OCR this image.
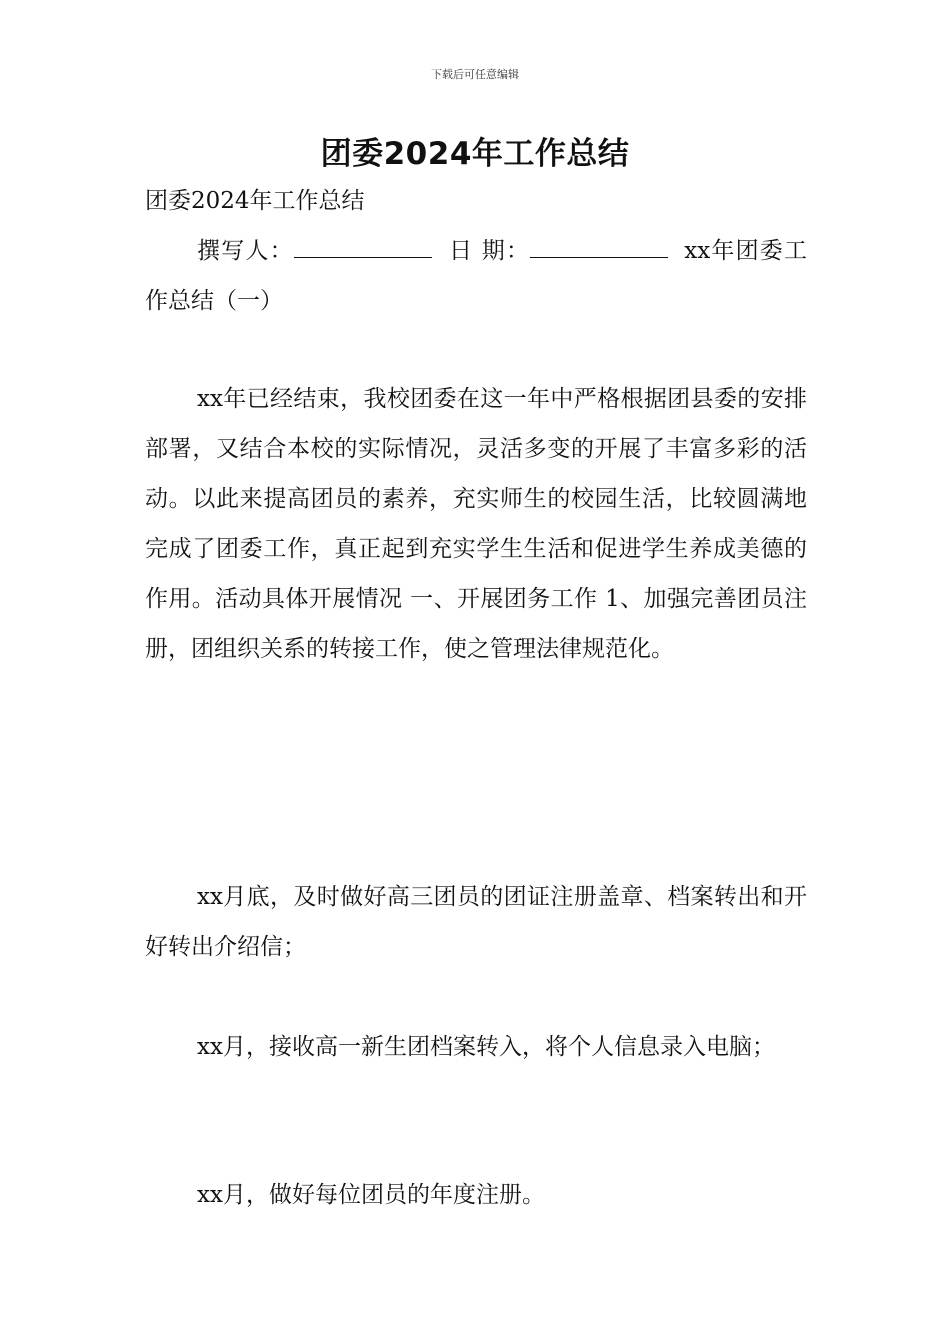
下载后可任意编辑
团委2024年工作总结

团委2024年工作总结

撰写人：	日 期：	xx年团委工作总结（一）

xx年已经结束，我校团委在这一年中严格根据团县委的安排部署，又结合本校的实际情况，灵活多变的开展了丰富多彩的活动。以此来提高团员的素养，充实师生的校园生活，比较圆满地完成了团委工作，真正起到充实学生生活和促进学生养成美德的作用。活动具体开展情况 一、开展团务工作 1、加强完善团员注册，团组织关系的转接工作，使之管理法律规范化。

xx月底，及时做好高三团员的团证注册盖章、档案转出和开好转出介绍信；

xx月，接收高一新生团档案转入，将个人信息录入电脑；

xx月，做好每位团员的年度注册。
